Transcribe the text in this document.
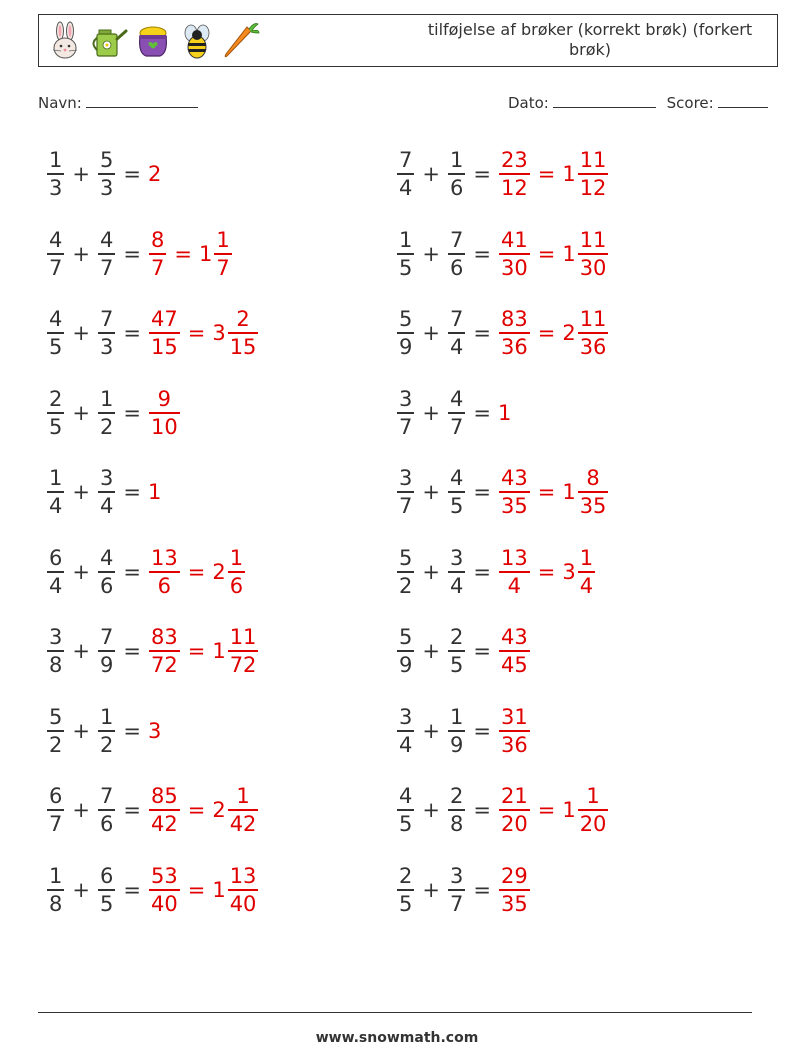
tilføjelse af brøker (korrekt brøk) (forkert brøk)
Navn:	Dato:	Score:
$\frac{1}{3} + \frac{5}{3} = 2$	$\frac{7}{4} + \frac{1}{6} = \frac{23}{12} = 1 \frac{11}{12}$
$\frac{4}{7} + \frac{4}{7} = \frac{8}{7} = 1 \frac{1}{7}$	$\frac{1}{5} + \frac{7}{6} = \frac{41}{30} = 1 \frac{11}{30}$
$\frac{4}{5} + \frac{7}{3} = \frac{47}{15} = 3 \frac{2}{15}$	$\frac{5}{9} + \frac{7}{4} = \frac{83}{36} = 2 \frac{11}{36}$
$\frac{2}{5} + \frac{1}{2} = \frac{9}{10}$	$\frac{3}{7} + \frac{4}{7} = 1$
$\frac{1}{4} + \frac{3}{4} = 1$	$\frac{3}{7} + \frac{4}{5} = \frac{43}{35} = 1 \frac{8}{35}$
$\frac{6}{4} + \frac{4}{6} = \frac{13}{6} = 2 \frac{1}{6}$	$\frac{5}{2} + \frac{3}{4} = \frac{13}{4} = 3 \frac{1}{4}$
$\frac{3}{8} + \frac{7}{9} = \frac{83}{72} = 1 \frac{11}{72}$	$\frac{5}{9} + \frac{2}{5} = \frac{43}{45}$
$\frac{5}{2} + \frac{1}{2} = 3$	$\frac{3}{4} + \frac{1}{9} = \frac{31}{36}$
$\frac{6}{7} + \frac{7}{6} = \frac{85}{42} = 2 \frac{1}{42}$	$\frac{4}{5} + \frac{2}{8} = \frac{21}{20} = 1 \frac{1}{20}$
$\frac{1}{8} + \frac{6}{5} = \frac{53}{40} = 1 \frac{13}{40}$	$\frac{2}{5} + \frac{3}{7} = \frac{29}{35}$
www.snowmath.com
